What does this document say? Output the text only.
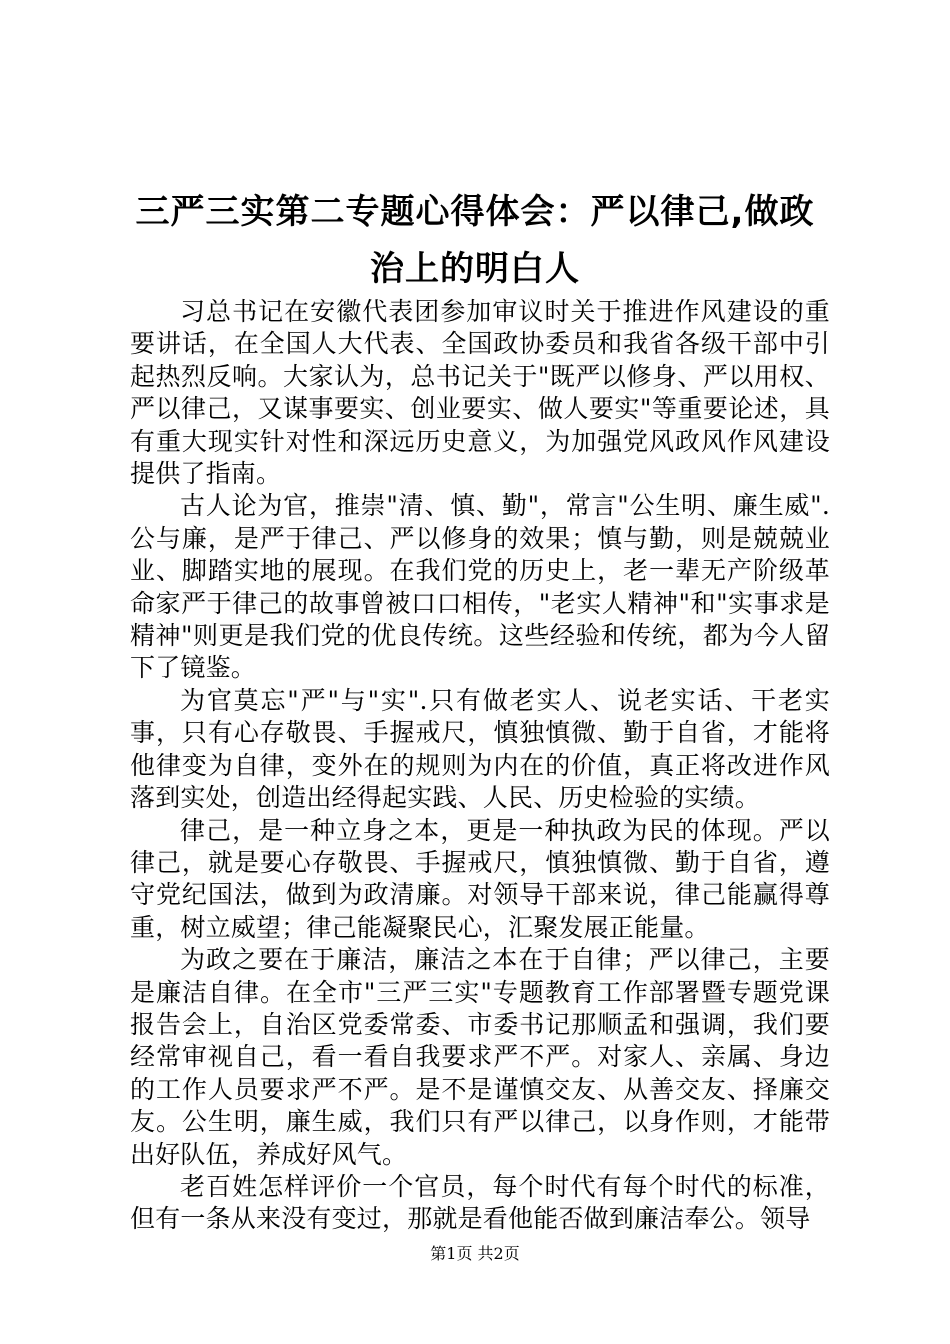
三严三实第二专题心得体会：严以律己,做政治上的明白人

习总书记在安徽代表团参加审议时关于推进作风建设的重要讲话，在全国人大代表、全国政协委员和我省各级干部中引起热烈反响。大家认为，总书记关于"既严以修身、严以用权、严以律己，又谋事要实、创业要实、做人要实"等重要论述，具有重大现实针对性和深远历史意义，为加强党风政风作风建设提供了指南。

古人论为官，推崇"清、慎、勤"，常言"公生明、廉生威".公与廉，是严于律己、严以修身的效果；慎与勤，则是兢兢业业、脚踏实地的展现。在我们党的历史上，老一辈无产阶级革命家严于律己的故事曾被口口相传，"老实人精神"和"实事求是精神"则更是我们党的优良传统。这些经验和传统，都为今人留下了镜鉴。

为官莫忘"严"与"实".只有做老实人、说老实话、干老实事，只有心存敬畏、手握戒尺，慎独慎微、勤于自省，才能将他律变为自律，变外在的规则为内在的价值，真正将改进作风落到实处，创造出经得起实践、人民、历史检验的实绩。

律己，是一种立身之本，更是一种执政为民的体现。严以律己，就是要心存敬畏、手握戒尺，慎独慎微、勤于自省，遵守党纪国法，做到为政清廉。对领导干部来说，律己能赢得尊重，树立威望；律己能凝聚民心，汇聚发展正能量。

为政之要在于廉洁，廉洁之本在于自律；严以律己，主要是廉洁自律。在全市"三严三实"专题教育工作部署暨专题党课报告会上，自治区党委常委、市委书记那顺孟和强调，我们要经常审视自己，看一看自我要求严不严。对家人、亲属、身边的工作人员要求严不严。是不是谨慎交友、从善交友、择廉交友。公生明，廉生威，我们只有严以律己，以身作则，才能带出好队伍，养成好风气。

老百姓怎样评价一个官员，每个时代有每个时代的标准，但有一条从来没有变过，那就是看他能否做到廉洁奉公。领导

第1页 共2页
